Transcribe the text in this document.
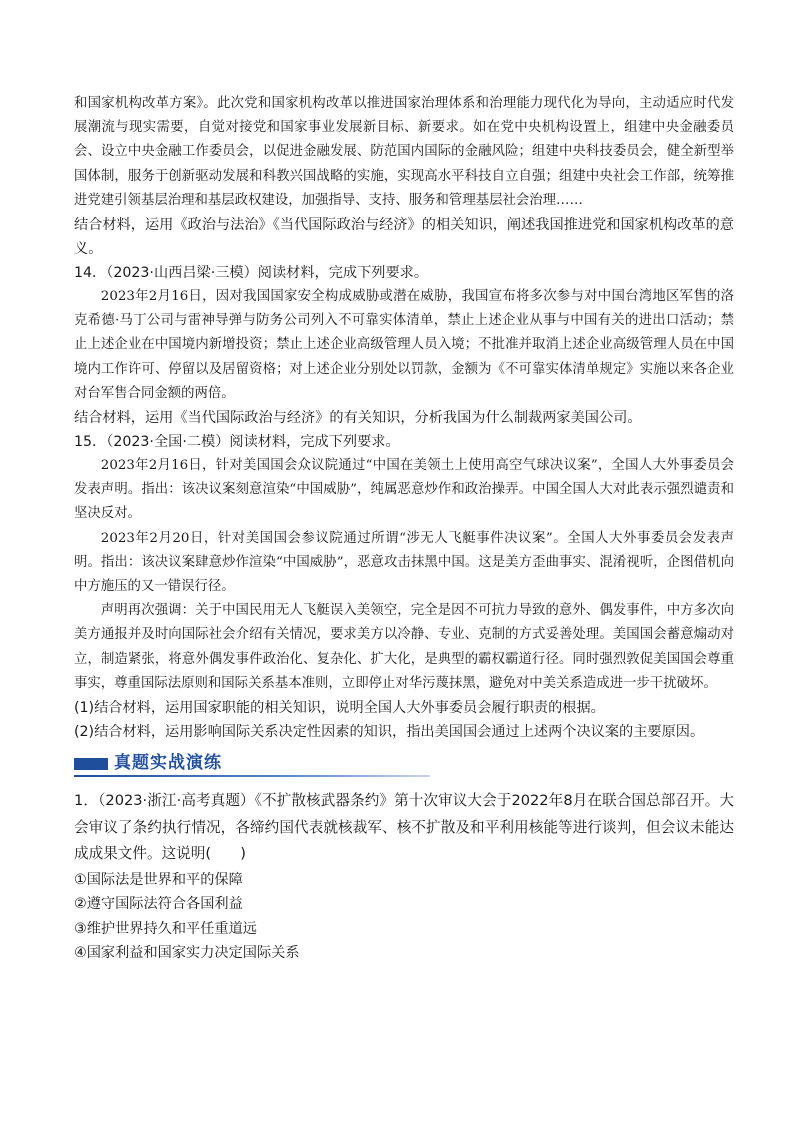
和国家机构改革方案》。此次党和国家机构改革以推进国家治理体系和治理能力现代化为导向，主动适应时代发展潮流与现实需要，自觉对接党和国家事业发展新目标、新要求。如在党中央机构设置上，组建中央金融委员会、设立中央金融工作委员会，以促进金融发展、防范国内国际的金融风险；组建中央科技委员会，健全新型举国体制，服务于创新驱动发展和科教兴国战略的实施，实现高水平科技自立自强；组建中央社会工作部，统筹推进党建引领基层治理和基层政权建设，加强指导、支持、服务和管理基层社会治理……

结合材料，运用《政治与法治》《当代国际政治与经济》的相关知识，阐述我国推进党和国家机构改革的意义。

14．（2023·山西吕梁·三模）阅读材料，完成下列要求。

2023年2月16日，因对我国国家安全构成威胁或潜在威胁，我国宣布将多次参与对中国台湾地区军售的洛克希德·马丁公司与雷神导弹与防务公司列入不可靠实体清单，禁止上述企业从事与中国有关的进出口活动；禁止上述企业在中国境内新增投资；禁止上述企业高级管理人员入境；不批准并取消上述企业高级管理人员在中国境内工作许可、停留以及居留资格；对上述企业分别处以罚款，金额为《不可靠实体清单规定》实施以来各企业对台军售合同金额的两倍。

结合材料，运用《当代国际政治与经济》的有关知识，分析我国为什么制裁两家美国公司。

15．（2023·全国·二模）阅读材料，完成下列要求。

2023年2月16日，针对美国国会众议院通过“中国在美领土上使用高空气球决议案”，全国人大外事委员会发表声明。指出：该决议案刻意渲染“中国威胁”，纯属恶意炒作和政治操弄。中国全国人大对此表示强烈谴责和坚决反对。

2023年2月20日，针对美国国会参议院通过所谓“涉无人飞艇事件决议案”。全国人大外事委员会发表声明。指出：该决议案肆意炒作渲染“中国威胁”，恶意攻击抹黑中国。这是美方歪曲事实、混淆视听，企图借机向中方施压的又一错误行径。

声明再次强调：关于中国民用无人飞艇误入美领空，完全是因不可抗力导致的意外、偶发事件，中方多次向美方通报并及时向国际社会介绍有关情况，要求美方以冷静、专业、克制的方式妥善处理。美国国会蓄意煽动对立，制造紧张，将意外偶发事件政治化、复杂化、扩大化，是典型的霸权霸道行径。同时强烈敦促美国国会尊重事实，尊重国际法原则和国际关系基本准则，立即停止对华污蔑抹黑，避免对中美关系造成进一步干扰破坏。

(1)结合材料，运用国家职能的相关知识，说明全国人大外事委员会履行职责的根据。

(2)结合材料，运用影响国际关系决定性因素的知识，指出美国国会通过上述两个决议案的主要原因。

真题实战演练

1．（2023·浙江·高考真题）《不扩散核武器条约》第十次审议大会于2022年8月在联合国总部召开。大会审议了条约执行情况，各缔约国代表就核裁军、核不扩散及和平利用核能等进行谈判，但会议未能达成成果文件。这说明(　　)

①国际法是世界和平的保障

②遵守国际法符合各国利益

③维护世界持久和平任重道远

④国家利益和国家实力决定国际关系
